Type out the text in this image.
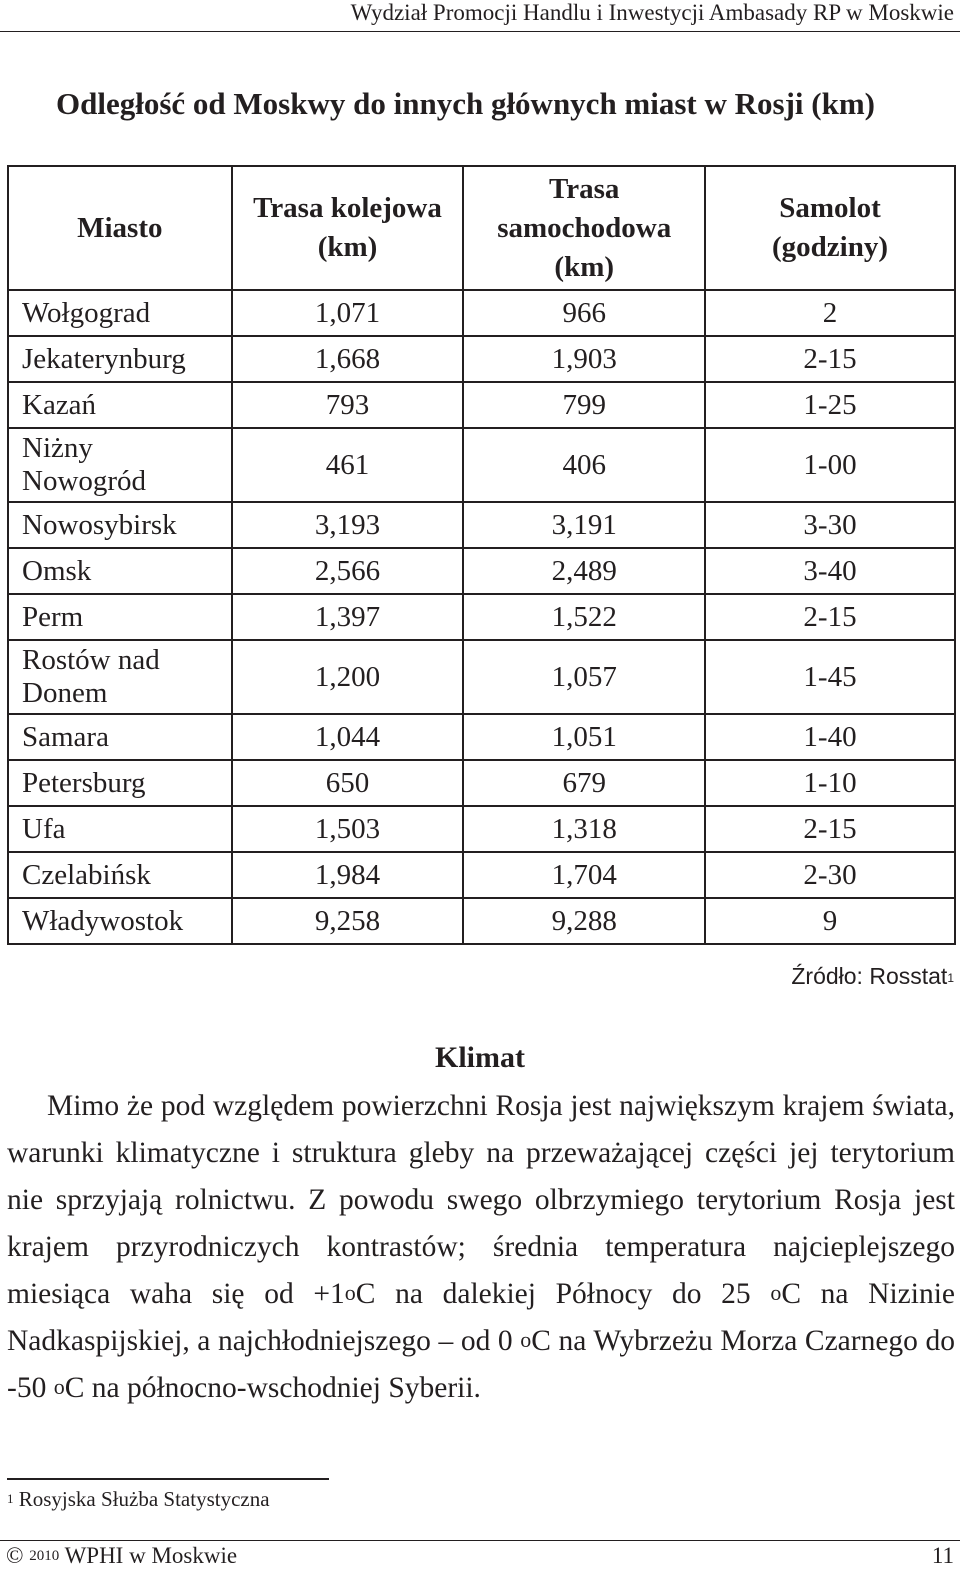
Wydział Promocji Handlu i Inwestycji Ambasady RP w Moskwie
Odległość od Moskwy do innych głównych miast w Rosji (km)
Miasto	Trasa kolejowa (km)	Trasa samochodowa (km)	Samolot (godziny)
Wołgograd	1,071	966	2
Jekaterynburg	1,668	1,903	2-15
Kazań	793	799	1-25
Niżny Nowogród	461	406	1-00
Nowosybirsk	3,193	3,191	3-30
Omsk	2,566	2,489	3-40
Perm	1,397	1,522	2-15
Rostów nad Donem	1,200	1,057	1-45
Samara	1,044	1,051	1-40
Petersburg	650	679	1-10
Ufa	1,503	1,318	2-15
Czelabińsk	1,984	1,704	2-30
Władywostok	9,258	9,288	9
Źródło: Rosstat$^1$
Klimat
Mimo że pod względem powierzchni Rosja jest największym krajem świata, warunki klimatyczne i struktura gleby na przeważającej części jej terytorium nie sprzyjają rolnictwu. Z powodu swego olbrzymiego terytorium Rosja jest krajem przyrodniczych kontrastów; średnia temperatura najcieplejszego miesiąca waha się od $+1^oC$ na dalekiej Północy do 25 $^o$C na Nizinie Nadkaspijskiej, a najchłodniejszego – od 0 $^o$C na Wybrzeżu Morza Czarnego do -50 $^o$C na północno-wschodniej Syberii.
$^1$ Rosyjska Służba Statystyczna
© $^{2010}$ WPHI w Moskwie	11
